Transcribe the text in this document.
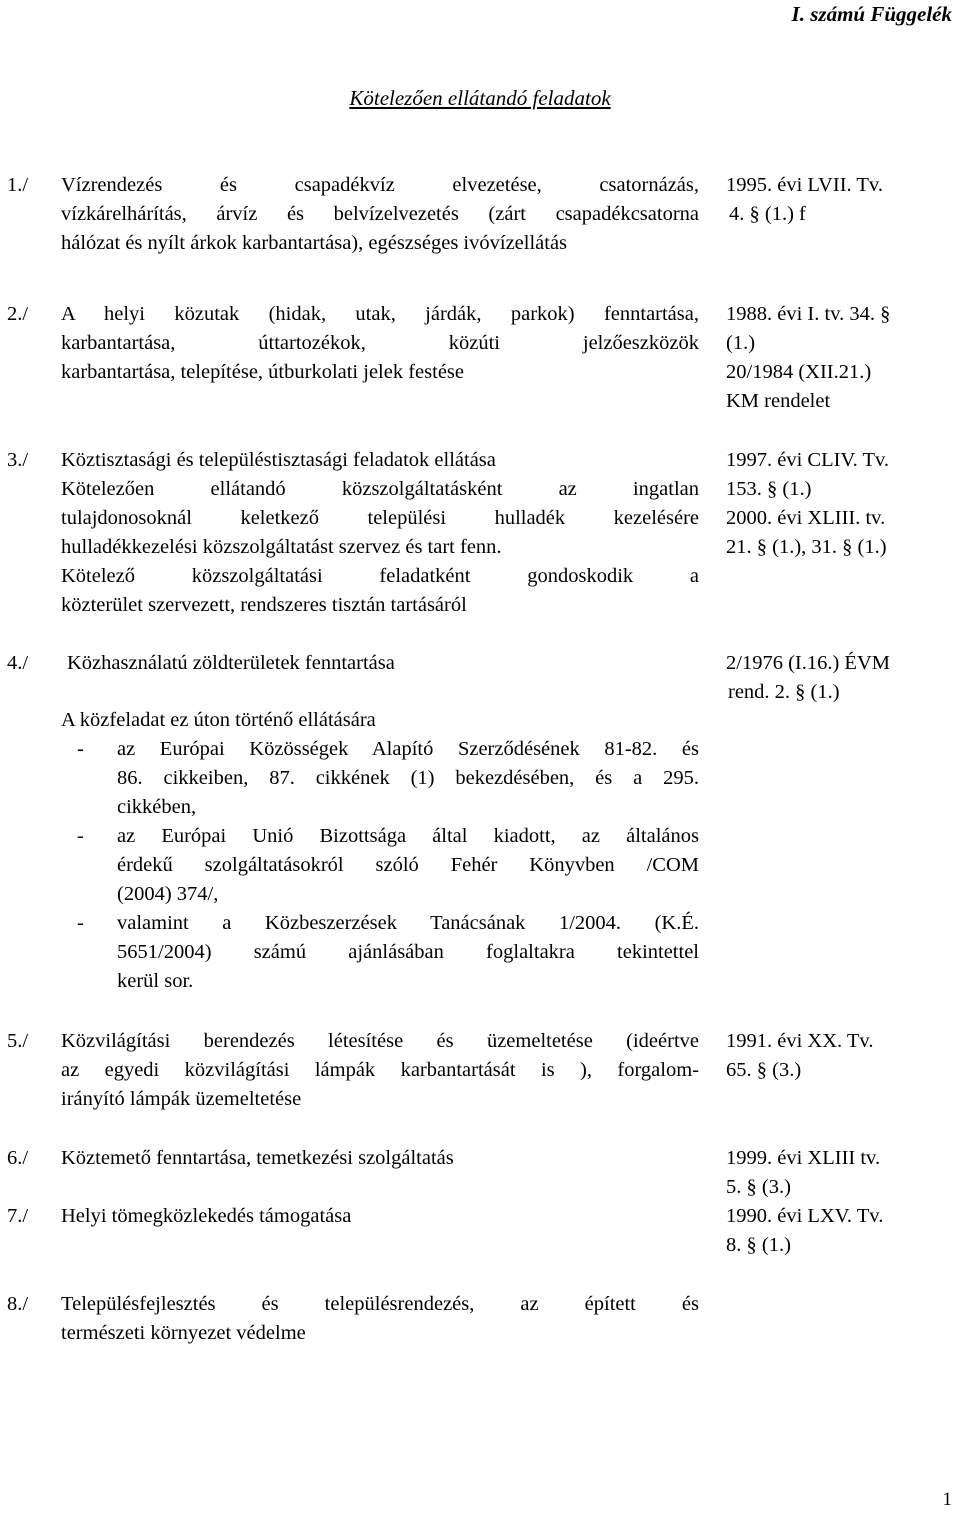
I. számú Függelék
Kötelezően ellátandó feladatok
1./ Vízrendezés és csapadékvíz elvezetése, csatornázás,
vízkárelhárítás, árvíz és belvízelvezetés (zárt csapadékcsatorna
hálózat és nyílt árkok karbantartása), egészséges ivóvízellátás
1995. évi LVII. Tv.
4. § (1.) f
2./ A helyi közutak (hidak, utak, járdák, parkok) fenntartása,
karbantartása, úttartozékok, közúti jelzőeszközök
karbantartása, telepítése, útburkolati jelek festése
1988. évi I. tv. 34. §
(1.)
20/1984 (XII.21.)
KM rendelet
3./ Köztisztasági és településtisztasági feladatok ellátása
Kötelezően ellátandó közszolgáltatásként az ingatlan
tulajdonosoknál keletkező települési hulladék kezelésére
hulladékkezelési közszolgáltatást szervez és tart fenn.
Kötelező közszolgáltatási feladatként gondoskodik a
közterület szervezett, rendszeres tisztán tartásáról
1997. évi CLIV. Tv.
153. § (1.)
2000. évi XLIII. tv.
21. § (1.), 31. § (1.)
4./ Közhasználatú zöldterületek fenntartása
A közfeladat ez úton történő ellátására
- az Európai Közösségek Alapító Szerződésének 81-82. és
86. cikkeiben, 87. cikkének (1) bekezdésében, és a 295.
cikkében,
- az Európai Unió Bizottsága által kiadott, az általános
érdekű szolgáltatásokról szóló Fehér Könyvben /COM
(2004) 374/,
- valamint a Közbeszerzések Tanácsának 1/2004. (K.É.
5651/2004) számú ajánlásában foglaltakra tekintettel
kerül sor.
2/1976 (I.16.) ÉVM
rend. 2. § (1.)
5./ Közvilágítási berendezés létesítése és üzemeltetése (ideértve
az egyedi közvilágítási lámpák karbantartását is ), forgalom-
irányító lámpák üzemeltetése
1991. évi XX. Tv.
65. § (3.)
6./ Köztemető fenntartása, temetkezési szolgáltatás	1999. évi XLIII tv.
5. § (3.)
7./ Helyi tömegközlekedés támogatása	1990. évi LXV. Tv.
8. § (1.)
8./ Településfejlesztés és településrendezés, az épített és
természeti környezet védelme
1
